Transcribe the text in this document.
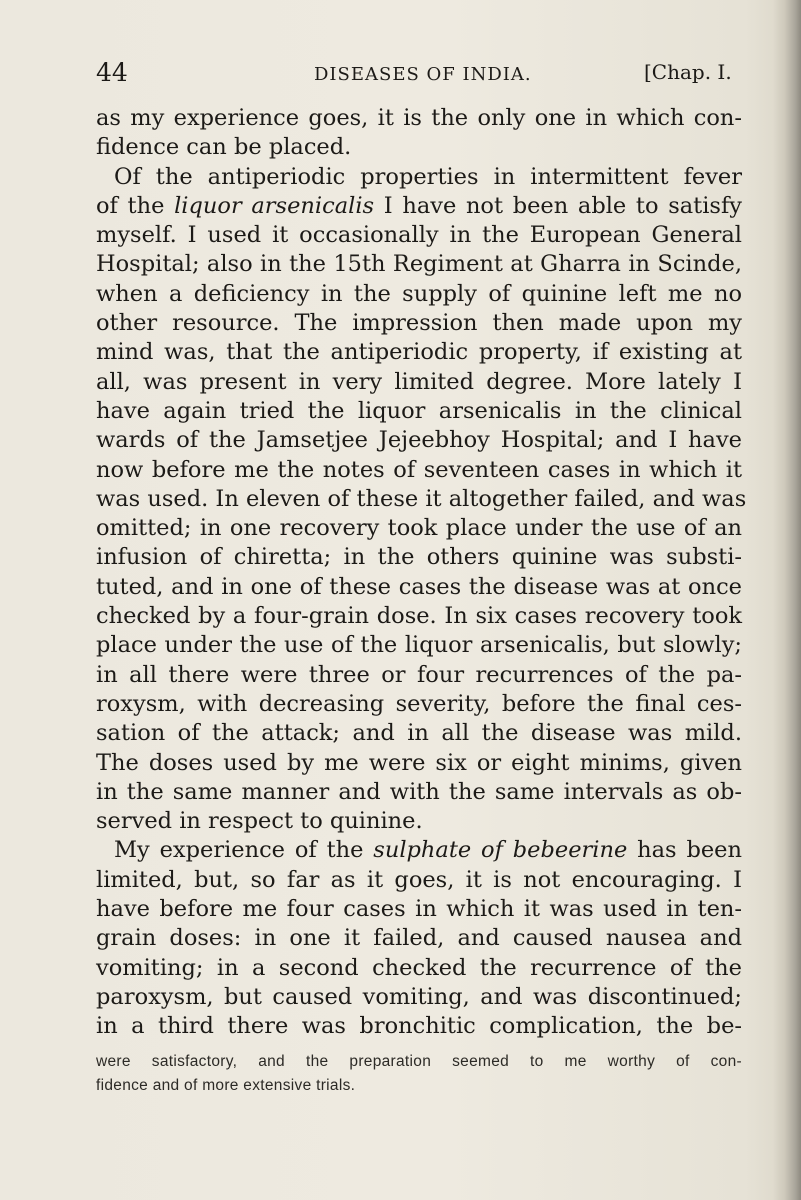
44	DISEASES OF INDIA.	[Chap. I.
as my experience goes, it is the only one in which con-
fidence can be placed.
Of the antiperiodic properties in intermittent fever
of the liquor arsenicalis I have not been able to satisfy
myself. I used it occasionally in the European General
Hospital; also in the 15th Regiment at Gharra in Scinde,
when a deficiency in the supply of quinine left me no
other resource. The impression then made upon my
mind was, that the antiperiodic property, if existing at
all, was present in very limited degree. More lately I
have again tried the liquor arsenicalis in the clinical
wards of the Jamsetjee Jejeebhoy Hospital; and I have
now before me the notes of seventeen cases in which it
was used. In eleven of these it altogether failed, and was
omitted; in one recovery took place under the use of an
infusion of chiretta; in the others quinine was substi-
tuted, and in one of these cases the disease was at once
checked by a four-grain dose. In six cases recovery took
place under the use of the liquor arsenicalis, but slowly;
in all there were three or four recurrences of the pa-
roxysm, with decreasing severity, before the final ces-
sation of the attack; and in all the disease was mild.
The doses used by me were six or eight minims, given
in the same manner and with the same intervals as ob-
served in respect to quinine.
My experience of the sulphate of bebeerine has been
limited, but, so far as it goes, it is not encouraging. I
have before me four cases in which it was used in ten-
grain doses: in one it failed, and caused nausea and
vomiting; in a second checked the recurrence of the
paroxysm, but caused vomiting, and was discontinued;
in a third there was bronchitic complication, the be-
were satisfactory, and the preparation seemed to me worthy of con-
fidence and of more extensive trials.
